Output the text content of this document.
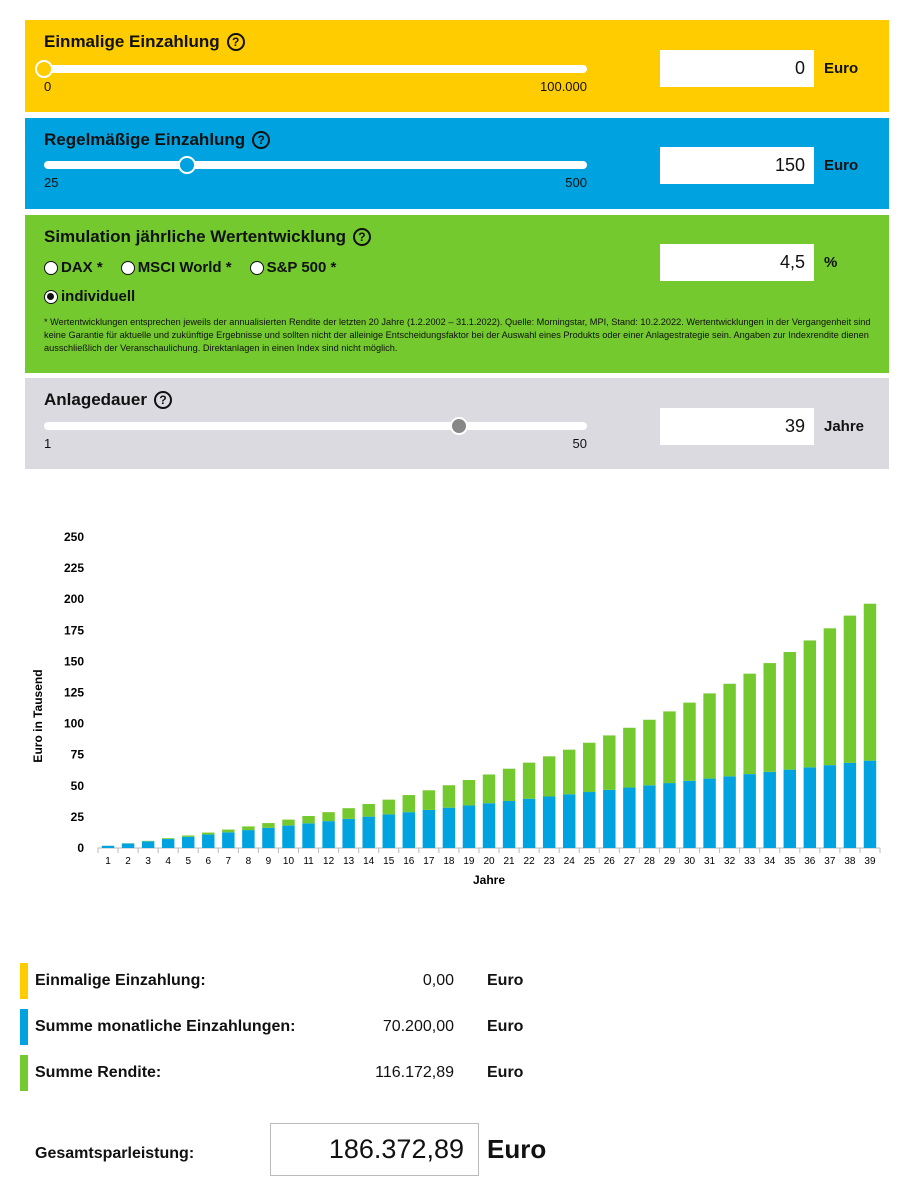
Einmalige Einzahlung	?
0	100.000
0	Euro
Regelmäßige Einzahlung	?
25	500
150	Euro
Simulation jährliche Wertentwicklung	?
DAX * MSCI World * S&P 500 *
individuell
4,5	%
* Wertentwicklungen entsprechen jeweils der annualisierten Rendite der letzten 20 Jahre (1.2.2002 – 31.1.2022). Quelle: Morningstar, MPI, Stand: 10.2.2022. Wertentwicklungen in der Vergangenheit sind keine Garantie für aktuelle und zukünftige Ergebnisse und sollten nicht der alleinige Entscheidungsfaktor bei der Auswahl eines Produkts oder einer Anlagestrategie sein. Angaben zur Indexrendite dienen ausschließlich der Veranschaulichung. Direktanlagen in einen Index sind nicht möglich.
Anlagedauer	?
1	50
39	Jahre
0
25
50
75
100
125
150
175
200
225
250
1 2 3 4 5 6 7 8 9 10 11 12 13 14 15 16 17 18 19 20 21 22 23 24 25 26 27 28 29 30 31 32 33 34 35 36 37 38 39
Euro in Tausend
Jahre
Einmalige Einzahlung:	0,00 Euro
Summe monatliche Einzahlungen:	70.200,00 Euro
Summe Rendite:	116.172,89 Euro
Gesamtsparleistung:	186.372,89 Euro
